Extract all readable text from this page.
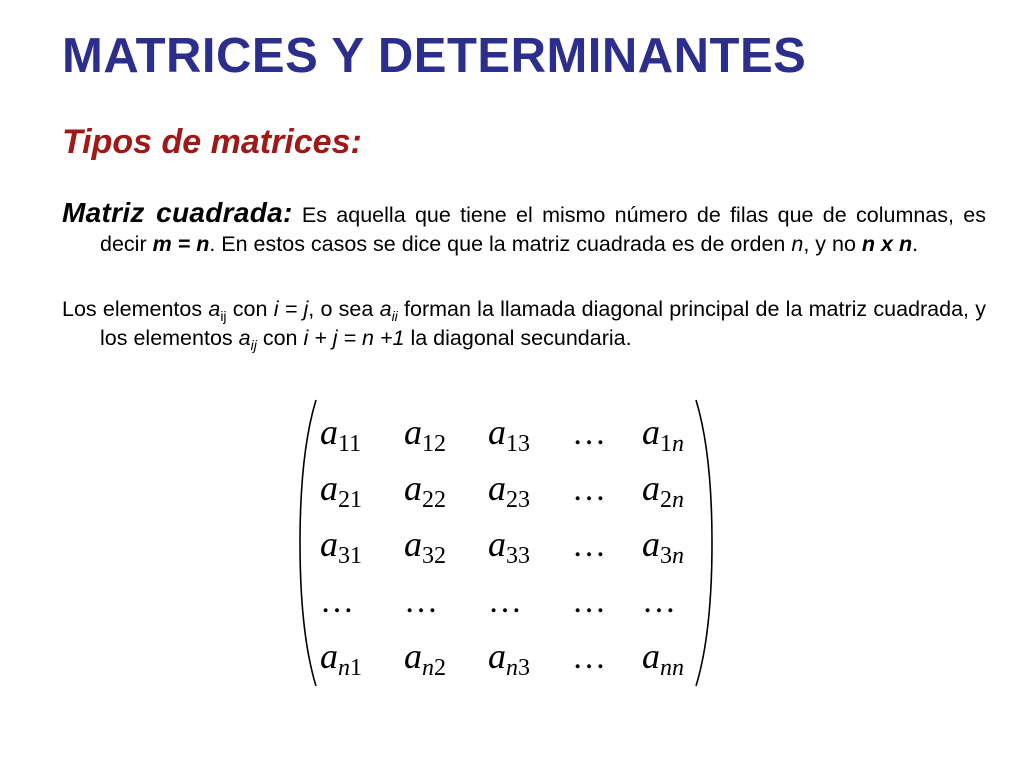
MATRICES Y DETERMINANTES
Tipos de matrices:

Matriz cuadrada: Es aquella que tiene el mismo número de filas que de columnas, es decir m = n. En estos casos se dice que la matriz cuadrada es de orden n, y no n x n.

Los elementos $a_{ij}$ con i = j, o sea $a_{ii}$ forman la llamada diagonal principal de la matriz cuadrada, y los elementos $a_{ij}$ con i + j = n +1 la diagonal secundaria.

$a_{11}$	$a_{12}$	$a_{13}$	… $a_{1n}$
$a_{21}$	$a_{22}$	$a_{23}$	… $a_{2n}$
$a_{31}$	$a_{32}$	$a_{33}$	… $a_{3n}$
…	…	…	…	…
$a_{n1}$	$a_{n2}$	$a_{n3}$	… $a_{nn}$
